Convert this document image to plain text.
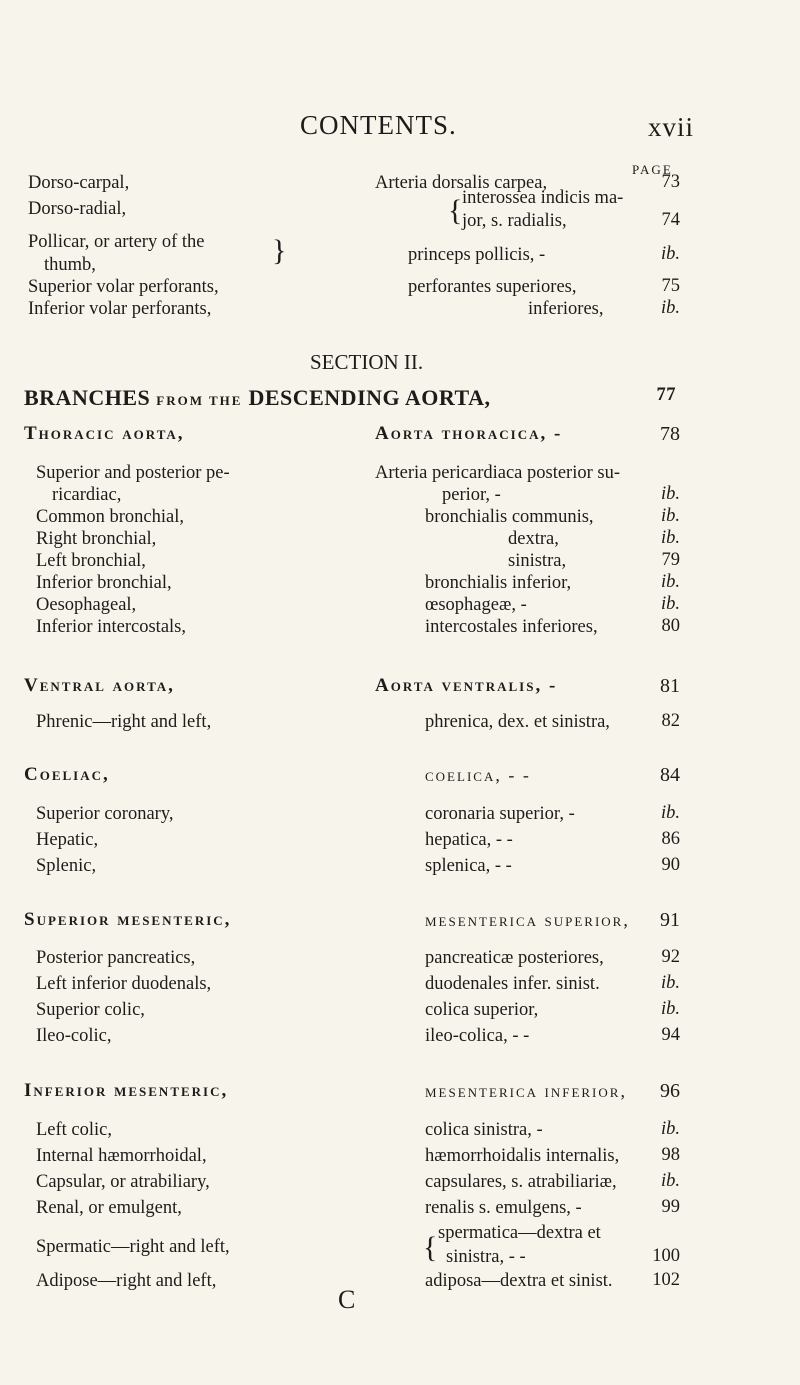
CONTENTS.	xvii
PAGE
Dorso-carpal,	Arteria dorsalis carpea,	73
Dorso-radial,	{ interossea indicis ma-
jor, s. radialis,	74
Pollicar, or artery of the
thumb,	}	princeps pollicis, -	ib.
Superior volar perforants,	perforantes superiores,	75
Inferior volar perforants,	inferiores,	ib.
SECTION II.
BRANCHES FROM THE DESCENDING AORTA,	77
Thoracic aorta,	Aorta thoracica, -	78
Superior and posterior pe-	Arteria pericardiaca posterior su-
ricardiac,	perior, -	ib.
Common bronchial,	bronchialis communis,	ib.
Right bronchial,	dextra,	ib.
Left bronchial,	sinistra,	79
Inferior bronchial,	bronchialis inferior,	ib.
Oesophageal,	œsophageæ, -	ib.
Inferior intercostals,	intercostales inferiores,	80
Ventral aorta,	Aorta ventralis, -	81
Phrenic—right and left,	phrenica, dex. et sinistra,	82
Coeliac,	coelica, - -	84
Superior coronary,	coronaria superior, -	ib.
Hepatic,	hepatica, - -	86
Splenic,	splenica, - -	90
Superior mesenteric,	mesenterica superior,	91
Posterior pancreatics,	pancreaticæ posteriores,	92
Left inferior duodenals,	duodenales infer. sinist.	ib.
Superior colic,	colica superior,	ib.
Ileo-colic,	ileo-colica, - -	94
Inferior mesenteric,	mesenterica inferior,	96
Left colic,	colica sinistra, -	ib.
Internal hæmorrhoidal,	hæmorrhoidalis internalis,	98
Capsular, or atrabiliary,	capsulares, s. atrabiliariæ,	ib.
Renal, or emulgent,	renalis s. emulgens, -	99
Spermatic—right and left,	{ spermatica—dextra et
sinistra, - -	100
Adipose—right and left,	adiposa—dextra et sinist.	102
C
